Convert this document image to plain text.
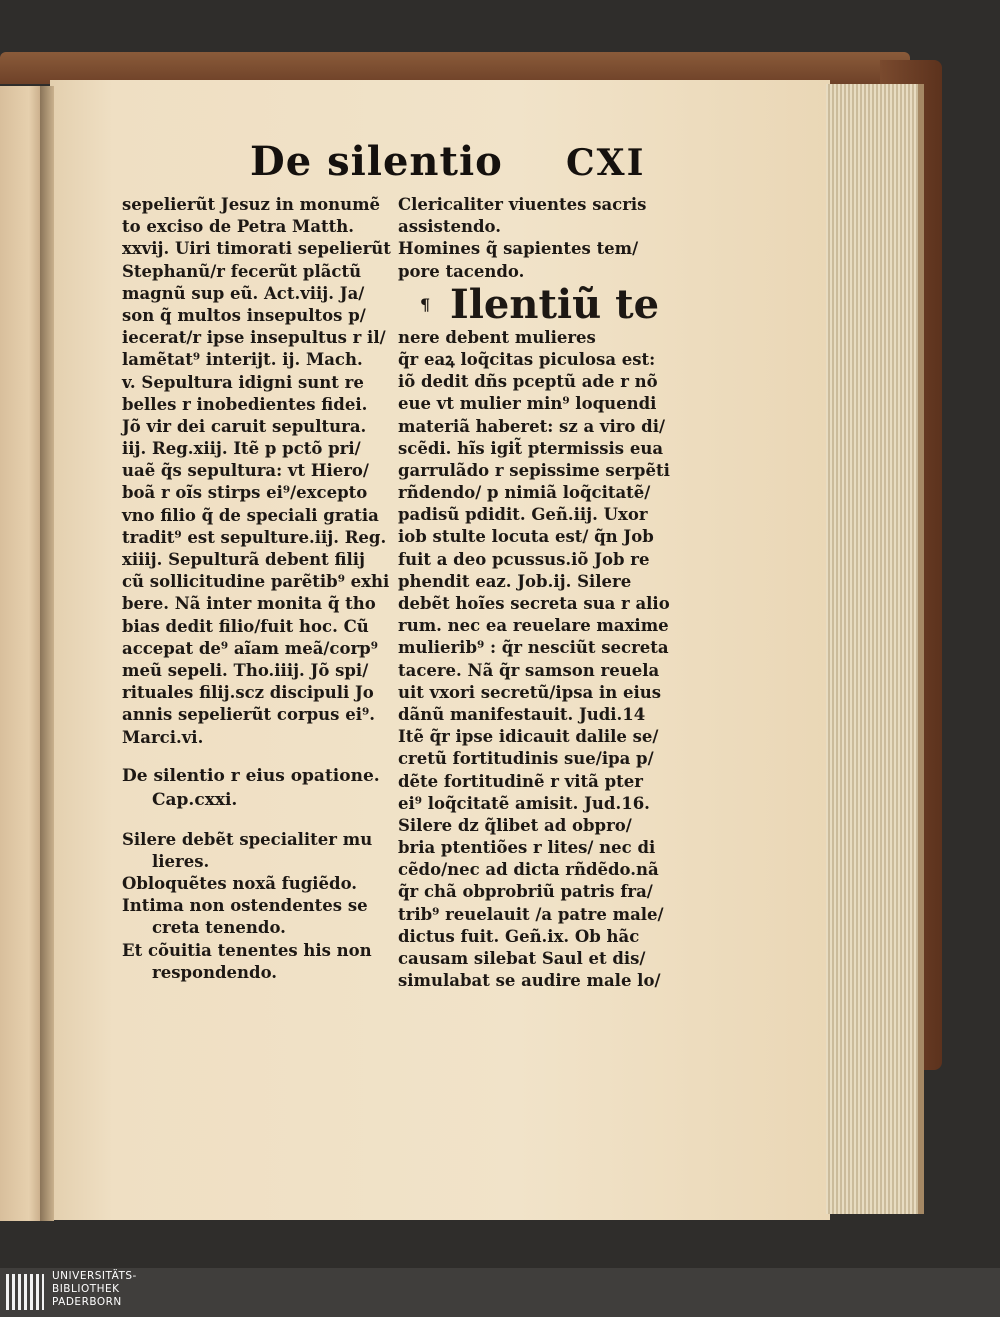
De silentio CXI
sepelierũt Jesuz in monumẽ
to exciso de Petra Matth.
xxvij. Uiri timorati sepelierũt
Stephanũ/r fecerũt plãctũ
magnũ sup eũ. Act.viij. Ja/
son q̃ multos insepultos p/
iecerat/r ipse insepultus r il/
lamẽtat⁹ interijt. ij. Mach.
v. Sepultura idigni sunt re
belles r inobedientes fidei.
Jõ vir dei caruit sepultura.
iij. Reg.xiij. Itẽ p pctõ pri/
uaẽ q̃s sepultura: vt Hiero/
boã r oĩs stirps ei⁹/excepto
vno filio q̃ de speciali gratia
tradit⁹ est sepulture.iij. Reg.
xiiij. Sepulturã debent filij
cũ sollicitudine parẽtib⁹ exhi
bere. Nã inter monita q̃ tho
bias dedit filio/fuit hoc. Cũ
accepat de⁹ aĩam meã/corp⁹
meũ sepeli. Tho.iiij. Jõ spi/
rituales filij.scz discipuli Jo
annis sepelierũt corpus ei⁹.
Marci.vi.
De silentio r eius opatione.
Cap.cxxi.
Silere debẽt specialiter mu
lieres.
Obloquẽtes noxã fugiẽdo.
Intima non ostendentes se
creta tenendo.
Et cõuitia tenentes his non
respondendo.
Clericaliter viuentes sacris
assistendo.
Homines q̃ sapientes tem/
pore tacendo.
¶ Ilentiũ te
nere debent mulieres
q̃r eaꝝ loq̃citas piculosa est:
iõ dedit dñs pceptũ ade r nõ
eue vt mulier min⁹ loquendi
materiã haberet: sz a viro di/
scẽdi. hĩs igit̃ ptermissis eua
garrulãdo r sepissime serpẽti
rñdendo/ p nimiã loq̃citatẽ/
padisũ pdidit. Geñ.iij. Uxor
iob stulte locuta est/ q̃n Job
fuit a deo pcussus.iõ Job re
phendit eaz. Job.ij. Silere
debẽt hoĩes secreta sua r alio
rum. nec ea reuelare maxime
mulierib⁹ : q̃r nesciũt secreta
tacere. Nã q̃r samson reuela
uit vxori secretũ/ipsa in eius
dãnũ manifestauit. Judi.14
Itẽ q̃r ipse idicauit dalile se/
cretũ fortitudinis sue/ipa p/
dẽte fortitudinẽ r vitã pter
ei⁹ loq̃citatẽ amisit. Jud.16.
Silere dz q̃libet ad obpro/
bria ptentiões r lites/ nec di
cẽdo/nec ad dicta rñdẽdo.nã
q̃r chã obprobriũ patris fra/
trib⁹ reuelauit /a patre male/
dictus fuit. Geñ.ix. Ob hãc
causam silebat Saul et dis/
simulabat se audire male lo/
UNIVERSITÄTS-
BIBLIOTHEK
PADERBORN
